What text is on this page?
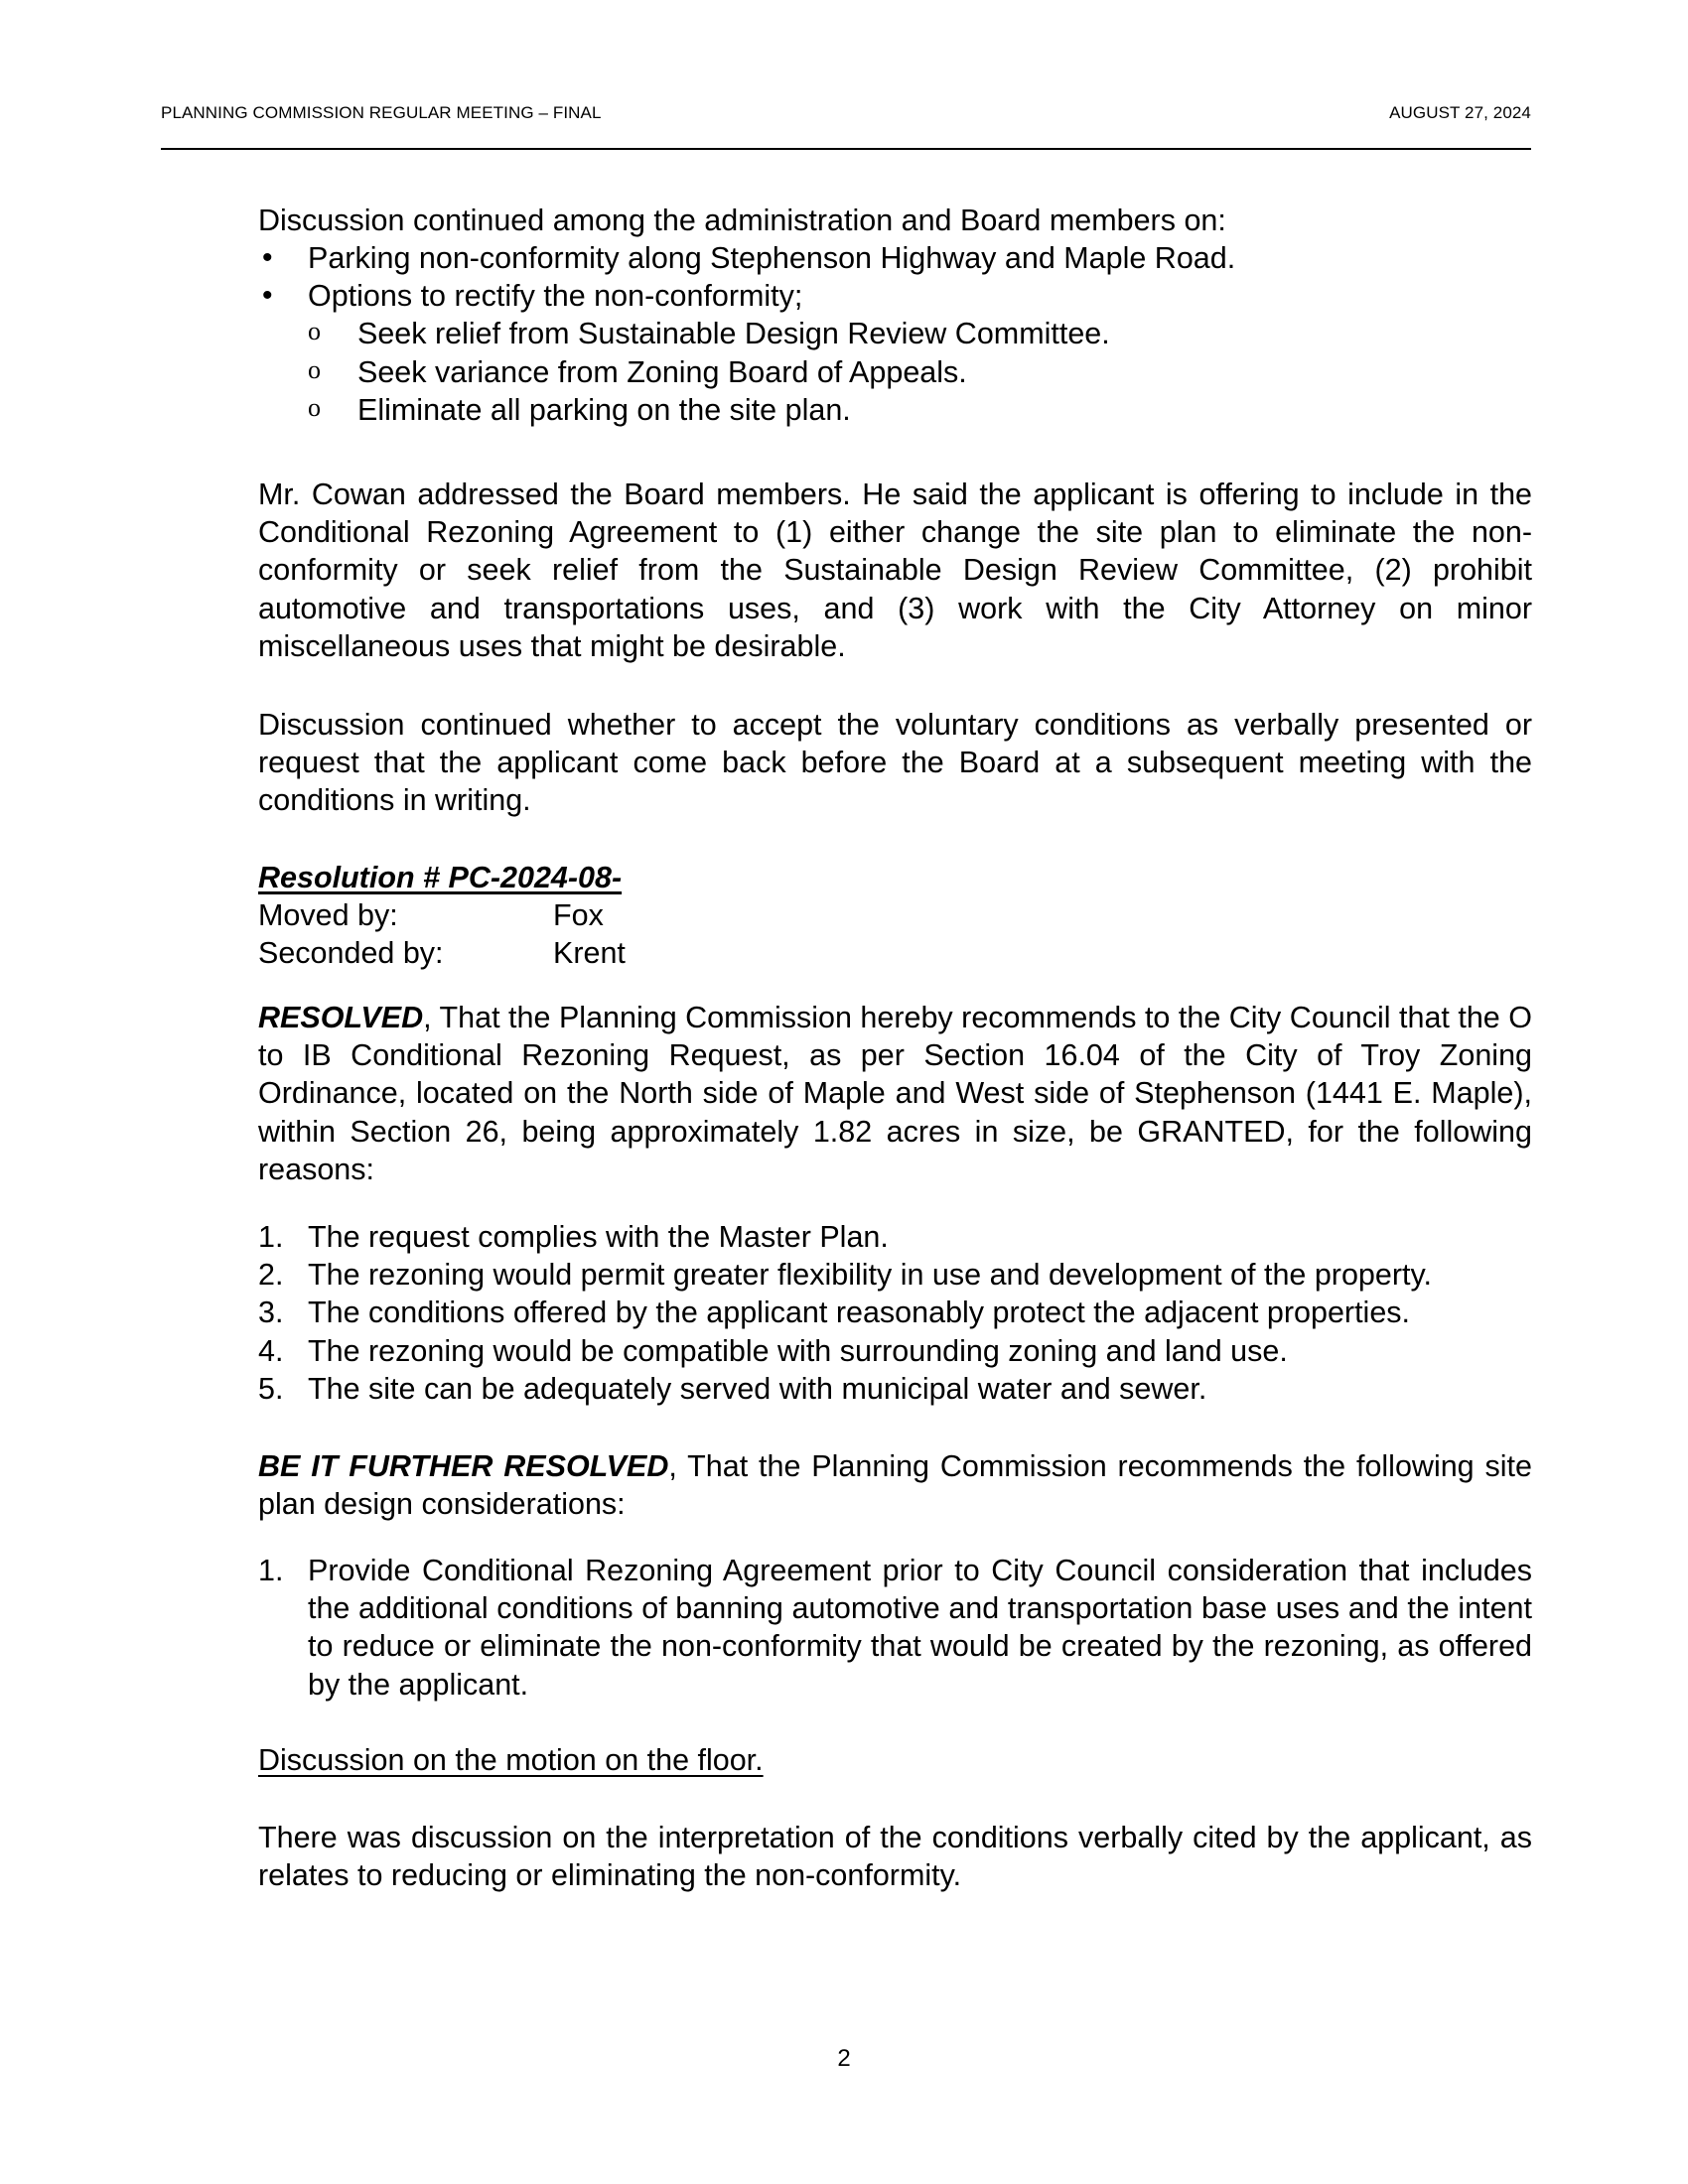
PLANNING COMMISSION REGULAR MEETING – FINAL	AUGUST 27, 2024
Discussion continued among the administration and Board members on:
• Parking non-conformity along Stephenson Highway and Maple Road.
• Options to rectify the non-conformity;
o Seek relief from Sustainable Design Review Committee.
o Seek variance from Zoning Board of Appeals.
o Eliminate all parking on the site plan.
Mr. Cowan addressed the Board members. He said the applicant is offering to include in the Conditional Rezoning Agreement to (1) either change the site plan to eliminate the non-conformity or seek relief from the Sustainable Design Review Committee, (2) prohibit automotive and transportations uses, and (3) work with the City Attorney on minor miscellaneous uses that might be desirable.
Discussion continued whether to accept the voluntary conditions as verbally presented or request that the applicant come back before the Board at a subsequent meeting with the conditions in writing.
Resolution # PC-2024-08-
Moved by:	Fox
Seconded by:	Krent
RESOLVED, That the Planning Commission hereby recommends to the City Council that the O to IB Conditional Rezoning Request, as per Section 16.04 of the City of Troy Zoning Ordinance, located on the North side of Maple and West side of Stephenson (1441 E. Maple), within Section 26, being approximately 1.82 acres in size, be GRANTED, for the following reasons:
1. The request complies with the Master Plan.
2. The rezoning would permit greater flexibility in use and development of the property.
3. The conditions offered by the applicant reasonably protect the adjacent properties.
4. The rezoning would be compatible with surrounding zoning and land use.
5. The site can be adequately served with municipal water and sewer.
BE IT FURTHER RESOLVED, That the Planning Commission recommends the following site plan design considerations:
1. Provide Conditional Rezoning Agreement prior to City Council consideration that includes the additional conditions of banning automotive and transportation base uses and the intent to reduce or eliminate the non-conformity that would be created by the rezoning, as offered by the applicant.
Discussion on the motion on the floor.
There was discussion on the interpretation of the conditions verbally cited by the applicant, as relates to reducing or eliminating the non-conformity.
2
